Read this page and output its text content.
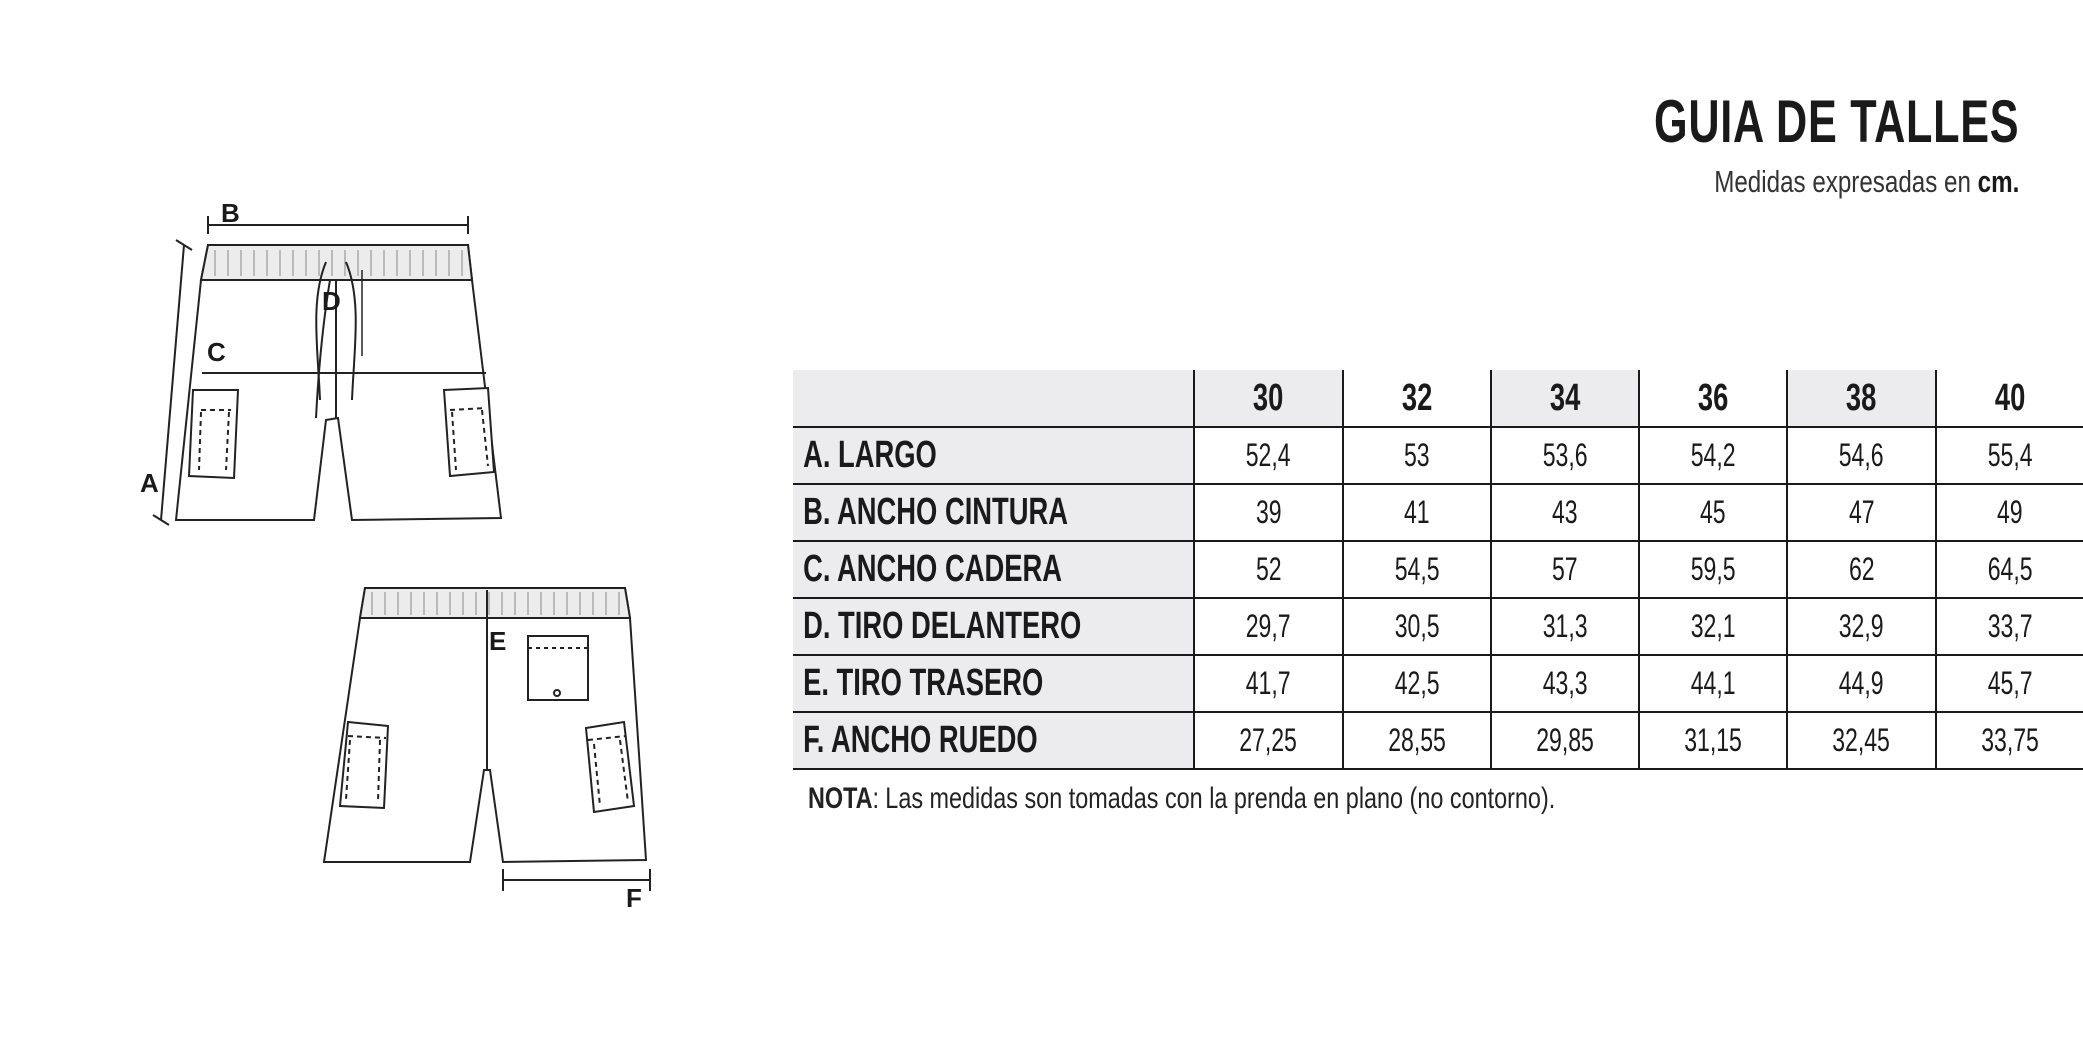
GUIA DE TALLES
Medidas expresadas en cm.
B
D
C
A
E
F
	30	32	34	36	38	40
A. LARGO	52,4	53	53,6	54,2	54,6	55,4
B. ANCHO CINTURA	39	41	43	45	47	49
C. ANCHO CADERA	52	54,5	57	59,5	62	64,5
D. TIRO DELANTERO	29,7	30,5	31,3	32,1	32,9	33,7
E. TIRO TRASERO	41,7	42,5	43,3	44,1	44,9	45,7
F. ANCHO RUEDO	27,25	28,55	29,85	31,15	32,45	33,75
NOTA: Las medidas son tomadas con la prenda en plano (no contorno).
